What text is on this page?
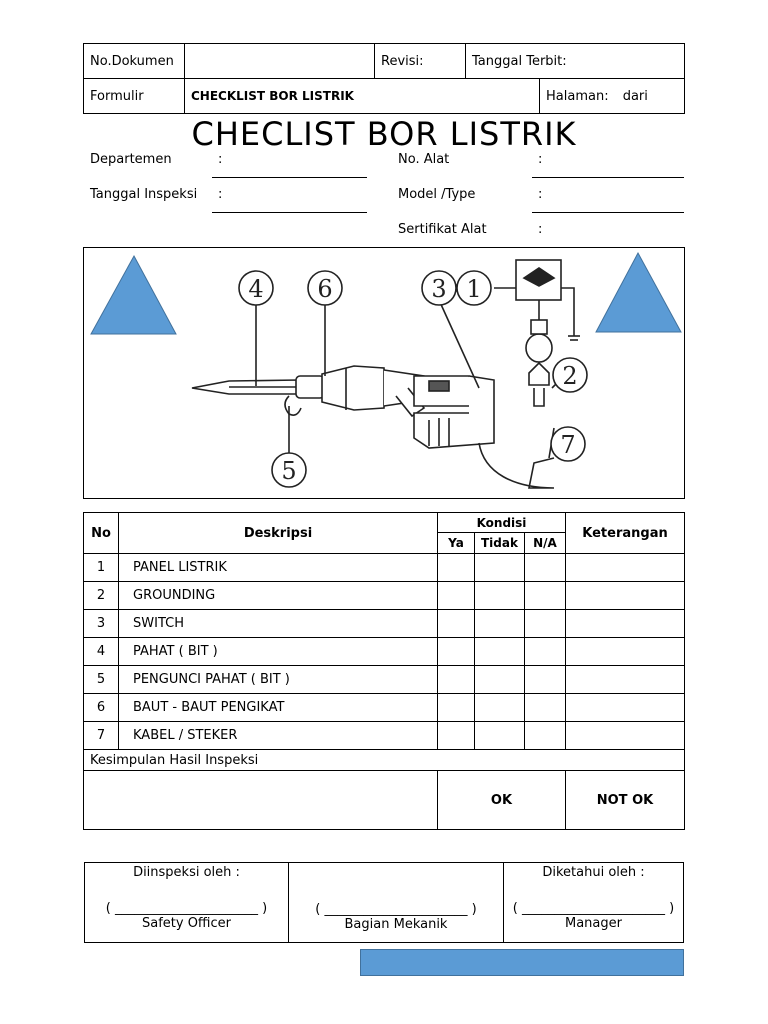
No.Dokumen		Revisi:	Tanggal Terbit:	
Formulir	CHECKLIST BOR LISTRIK			Halaman: dari
CHECLIST BOR LISTRIK
Departemen	:
Tanggal Inspeksi :
No. Alat	:
Model /Type	:
Sertifikat Alat	:
4 6	3 1
2
7
5
No	Deskripsi	Kondisi			Keterangan
		Ya	Tidak	N/A	
1	PANEL LISTRIK				
2	GROUNDING				
3	SWITCH				
4	PAHAT ( BIT )				
5	PENGUNCI PAHAT ( BIT )				
6	BAUT - BAUT PENGIKAT				
7	KABEL / STEKER				
Kesimpulan Hasil Inspeksi					
		OK			NOT OK
Diinspeksi oleh :
( ______________________ )
Safety Officer

( ______________________ )
Bagian Mekanik

Diketahui oleh :
( ______________________ )
Manager
